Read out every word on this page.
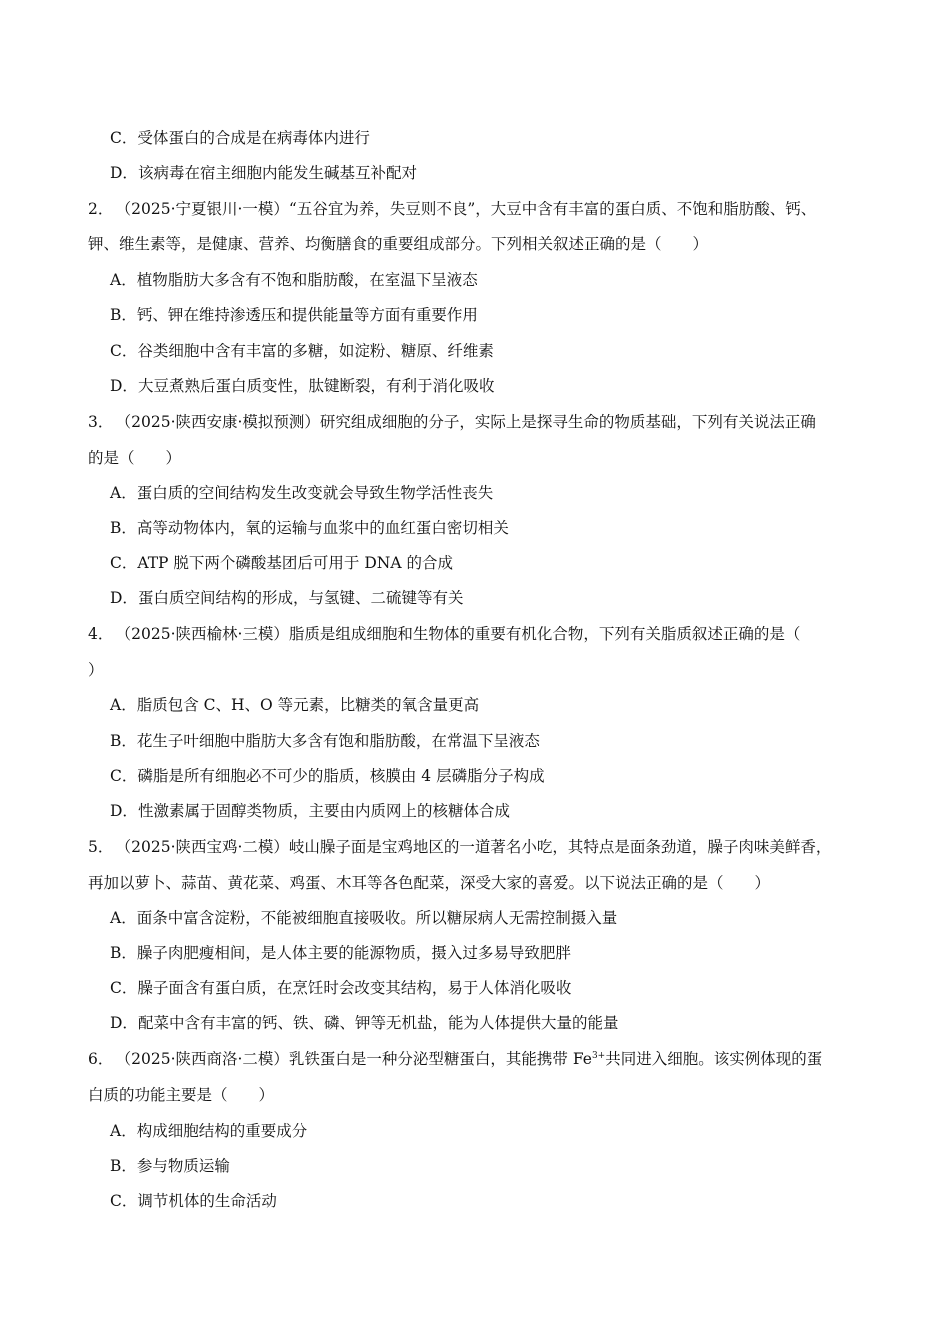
C．受体蛋白的合成是在病毒体内进行
D．该病毒在宿主细胞内能发生碱基互补配对
2． （2025·宁夏银川·一模）“五谷宜为养，失豆则不良”，大豆中含有丰富的蛋白质、不饱和脂肪酸、钙、
钾、维生素等，是健康、营养、均衡膳食的重要组成部分。下列相关叙述正确的是（　　）
A．植物脂肪大多含有不饱和脂肪酸，在室温下呈液态
B．钙、钾在维持渗透压和提供能量等方面有重要作用
C．谷类细胞中含有丰富的多糖，如淀粉、糖原、纤维素
D．大豆煮熟后蛋白质变性，肽键断裂，有利于消化吸收
3． （2025·陕西安康·模拟预测）研究组成细胞的分子，实际上是探寻生命的物质基础，下列有关说法正确
的是（　　）
A．蛋白质的空间结构发生改变就会导致生物学活性丧失
B．高等动物体内，氧的运输与血浆中的血红蛋白密切相关
C．ATP 脱下两个磷酸基团后可用于 DNA 的合成
D．蛋白质空间结构的形成，与氢键、二硫键等有关
4． （2025·陕西榆林·三模）脂质是组成细胞和生物体的重要有机化合物，下列有关脂质叙述正确的是（
）
A．脂质包含 C、H、O 等元素，比糖类的氧含量更高
B．花生子叶细胞中脂肪大多含有饱和脂肪酸，在常温下呈液态
C．磷脂是所有细胞必不可少的脂质，核膜由 4 层磷脂分子构成
D．性激素属于固醇类物质，主要由内质网上的核糖体合成
5． （2025·陕西宝鸡·二模）岐山臊子面是宝鸡地区的一道著名小吃，其特点是面条劲道，臊子肉味美鲜香，
再加以萝卜、蒜苗、黄花菜、鸡蛋、木耳等各色配菜，深受大家的喜爱。以下说法正确的是（　　）
A．面条中富含淀粉，不能被细胞直接吸收。所以糖尿病人无需控制摄入量
B．臊子肉肥瘦相间，是人体主要的能源物质，摄入过多易导致肥胖
C．臊子面含有蛋白质，在烹饪时会改变其结构，易于人体消化吸收
D．配菜中含有丰富的钙、铁、磷、钾等无机盐，能为人体提供大量的能量
6． （2025·陕西商洛·二模）乳铁蛋白是一种分泌型糖蛋白，其能携带 $Fe^{3+}$共同进入细胞。该实例体现的蛋
白质的功能主要是（　　）
A．构成细胞结构的重要成分
B．参与物质运输
C．调节机体的生命活动
